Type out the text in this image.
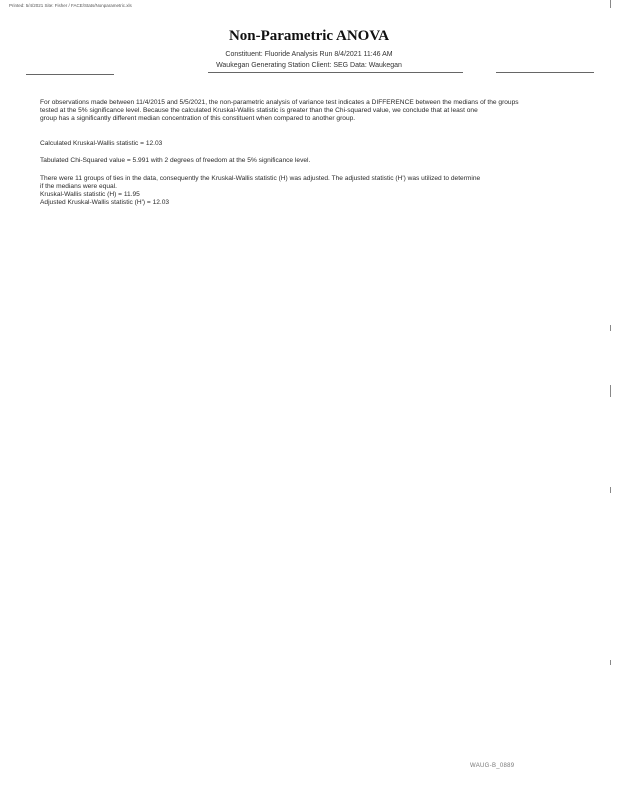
Printed: 5/4/2021 Site: Fisher / FACE/Stats/Nonparametric.xls
Non-Parametric ANOVA
Constituent: Fluoride Analysis Run 8/4/2021 11:46 AM
Waukegan Generating Station Client: SEG Data: Waukegan
For observations made between 11/4/2015 and 5/5/2021, the non-parametric analysis of variance test indicates a DIFFERENCE between the medians of the groups
tested at the 5% significance level. Because the calculated Kruskal-Wallis statistic is greater than the Chi-squared value, we conclude that at least one
group has a significantly different median concentration of this constituent when compared to another group.
Calculated Kruskal-Wallis statistic = 12.03
Tabulated Chi-Squared value = 5.991 with 2 degrees of freedom at the 5% significance level.
There were 11 groups of ties in the data, consequently the Kruskal-Wallis statistic (H) was adjusted. The adjusted statistic (H') was utilized to determine
if the medians were equal.
Kruskal-Wallis statistic (H) = 11.95
Adjusted Kruskal-Wallis statistic (H') = 12.03
WAUG-B_0889
